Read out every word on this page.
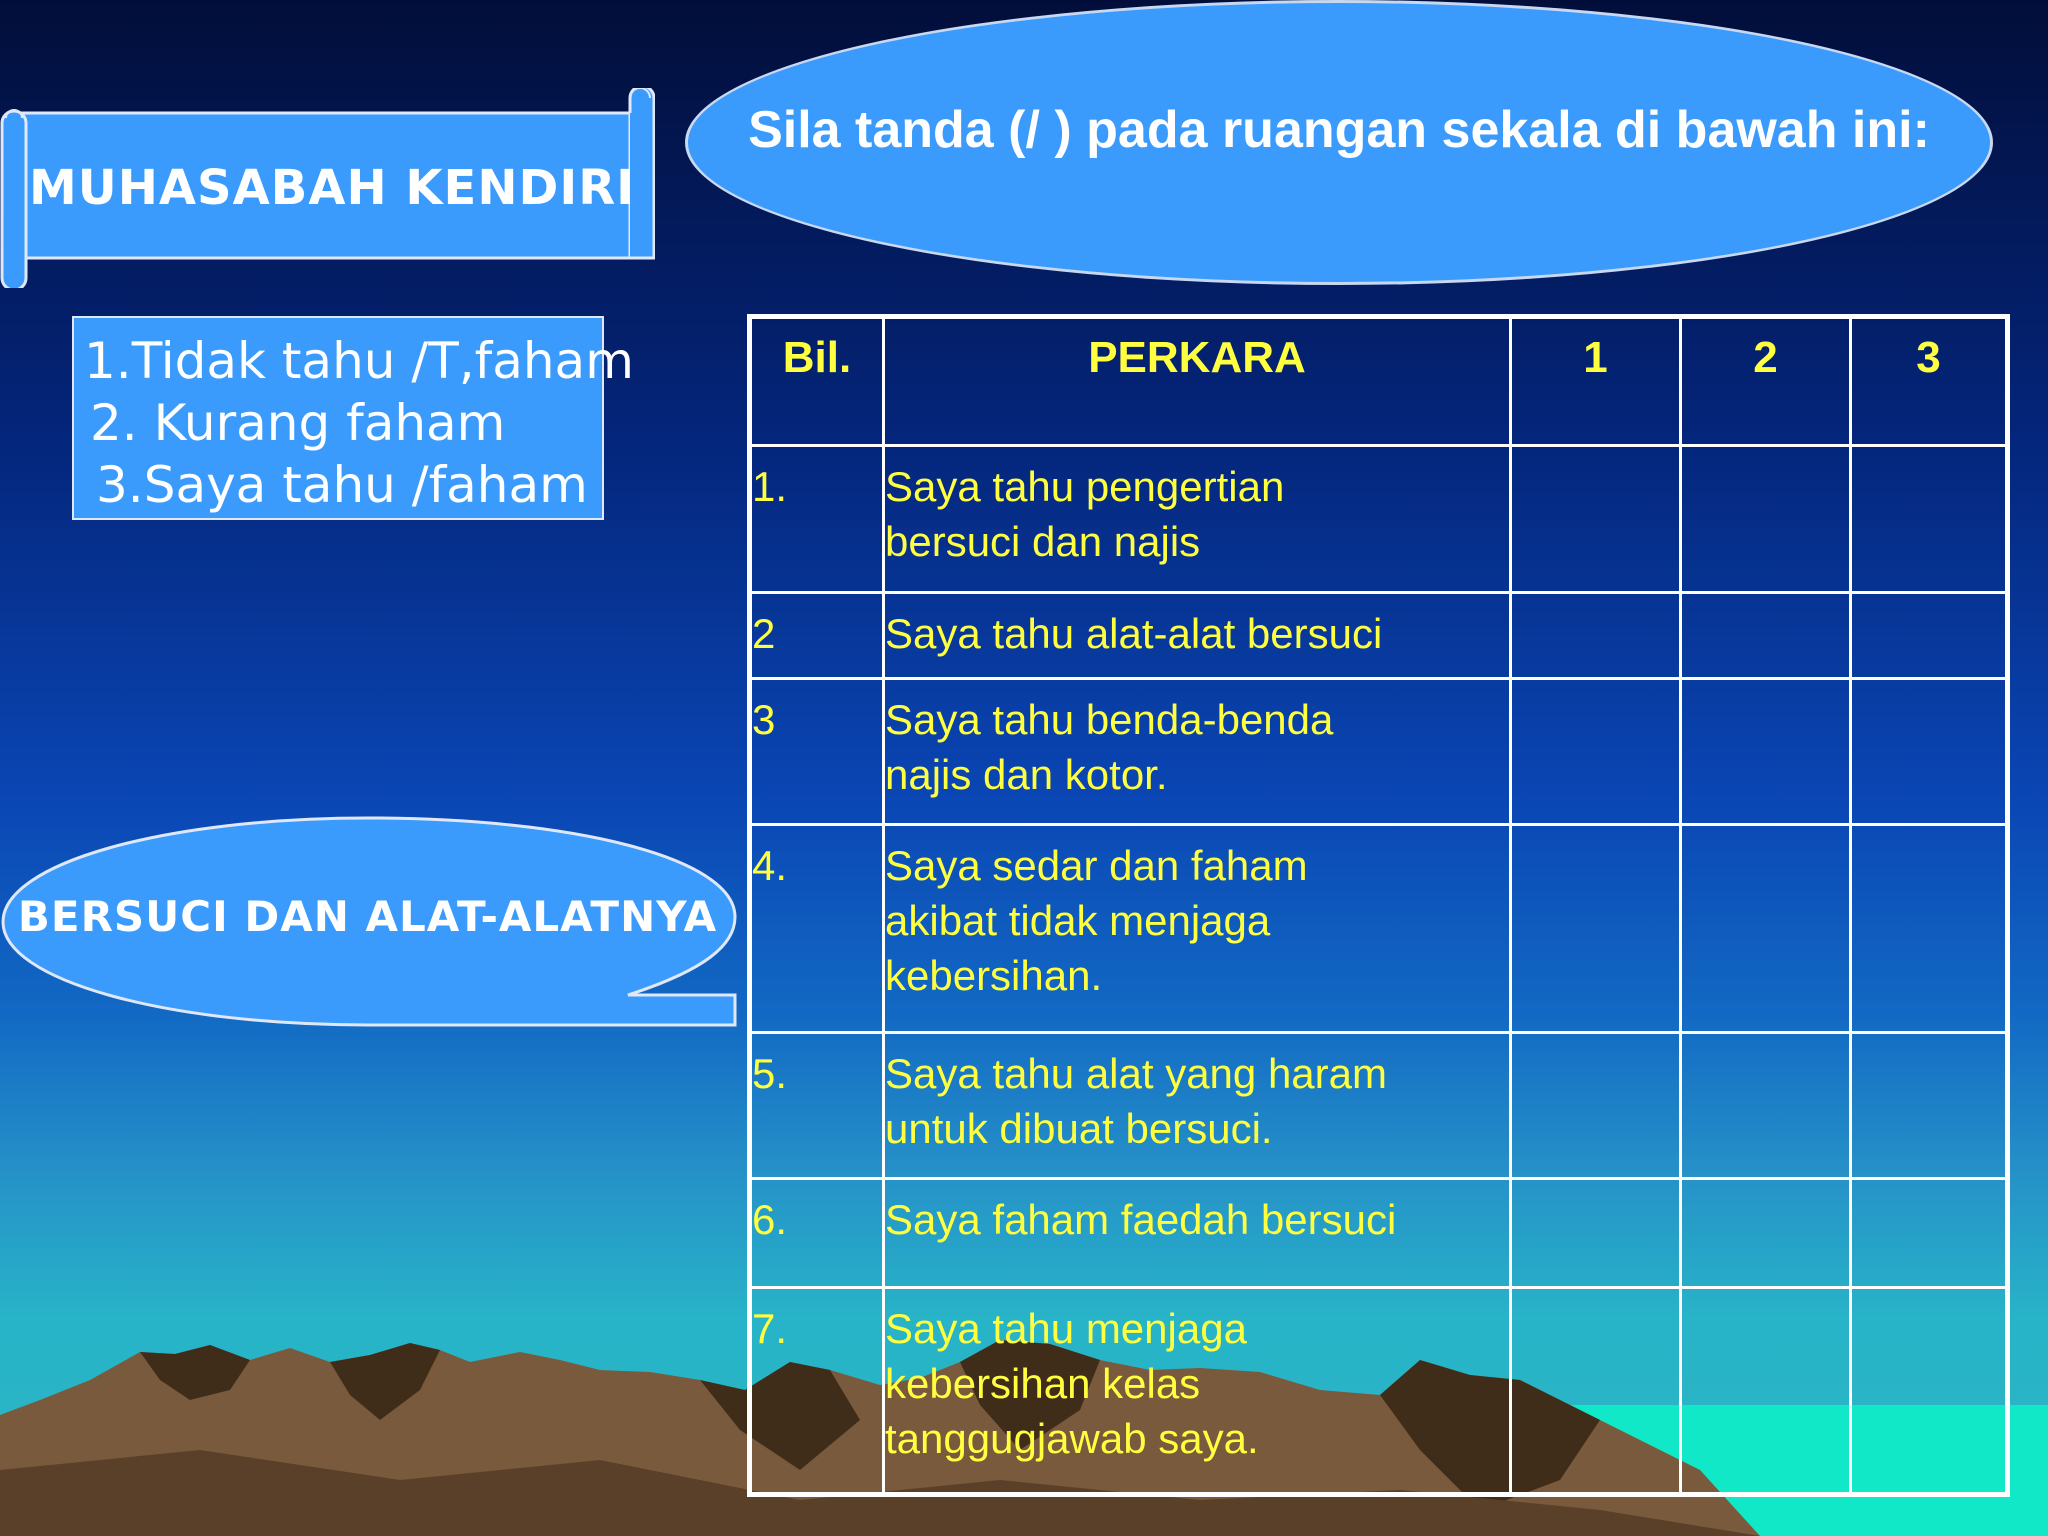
MUHASABAH KENDIRI
Sila tanda (/ ) pada ruangan sekala di bawah ini:
1.Tidak tahu /T,faham
2. Kurang faham
3.Saya tahu /faham
BERSUCI DAN ALAT-ALATNYA
Bil.	PERKARA	1	2	3
1.	Saya tahu pengertian
bersuci dan najis			

2	Saya tahu alat-alat bersuci			

3	Saya tahu benda-benda
najis dan kotor.			

4.	Saya sedar dan faham
akibat tidak menjaga
kebersihan.			

5.	Saya tahu alat yang haram
untuk dibuat bersuci.			

6.	Saya faham faedah bersuci			

7.	Saya tahu menjaga
kebersihan kelas
tanggugjawab saya.			
